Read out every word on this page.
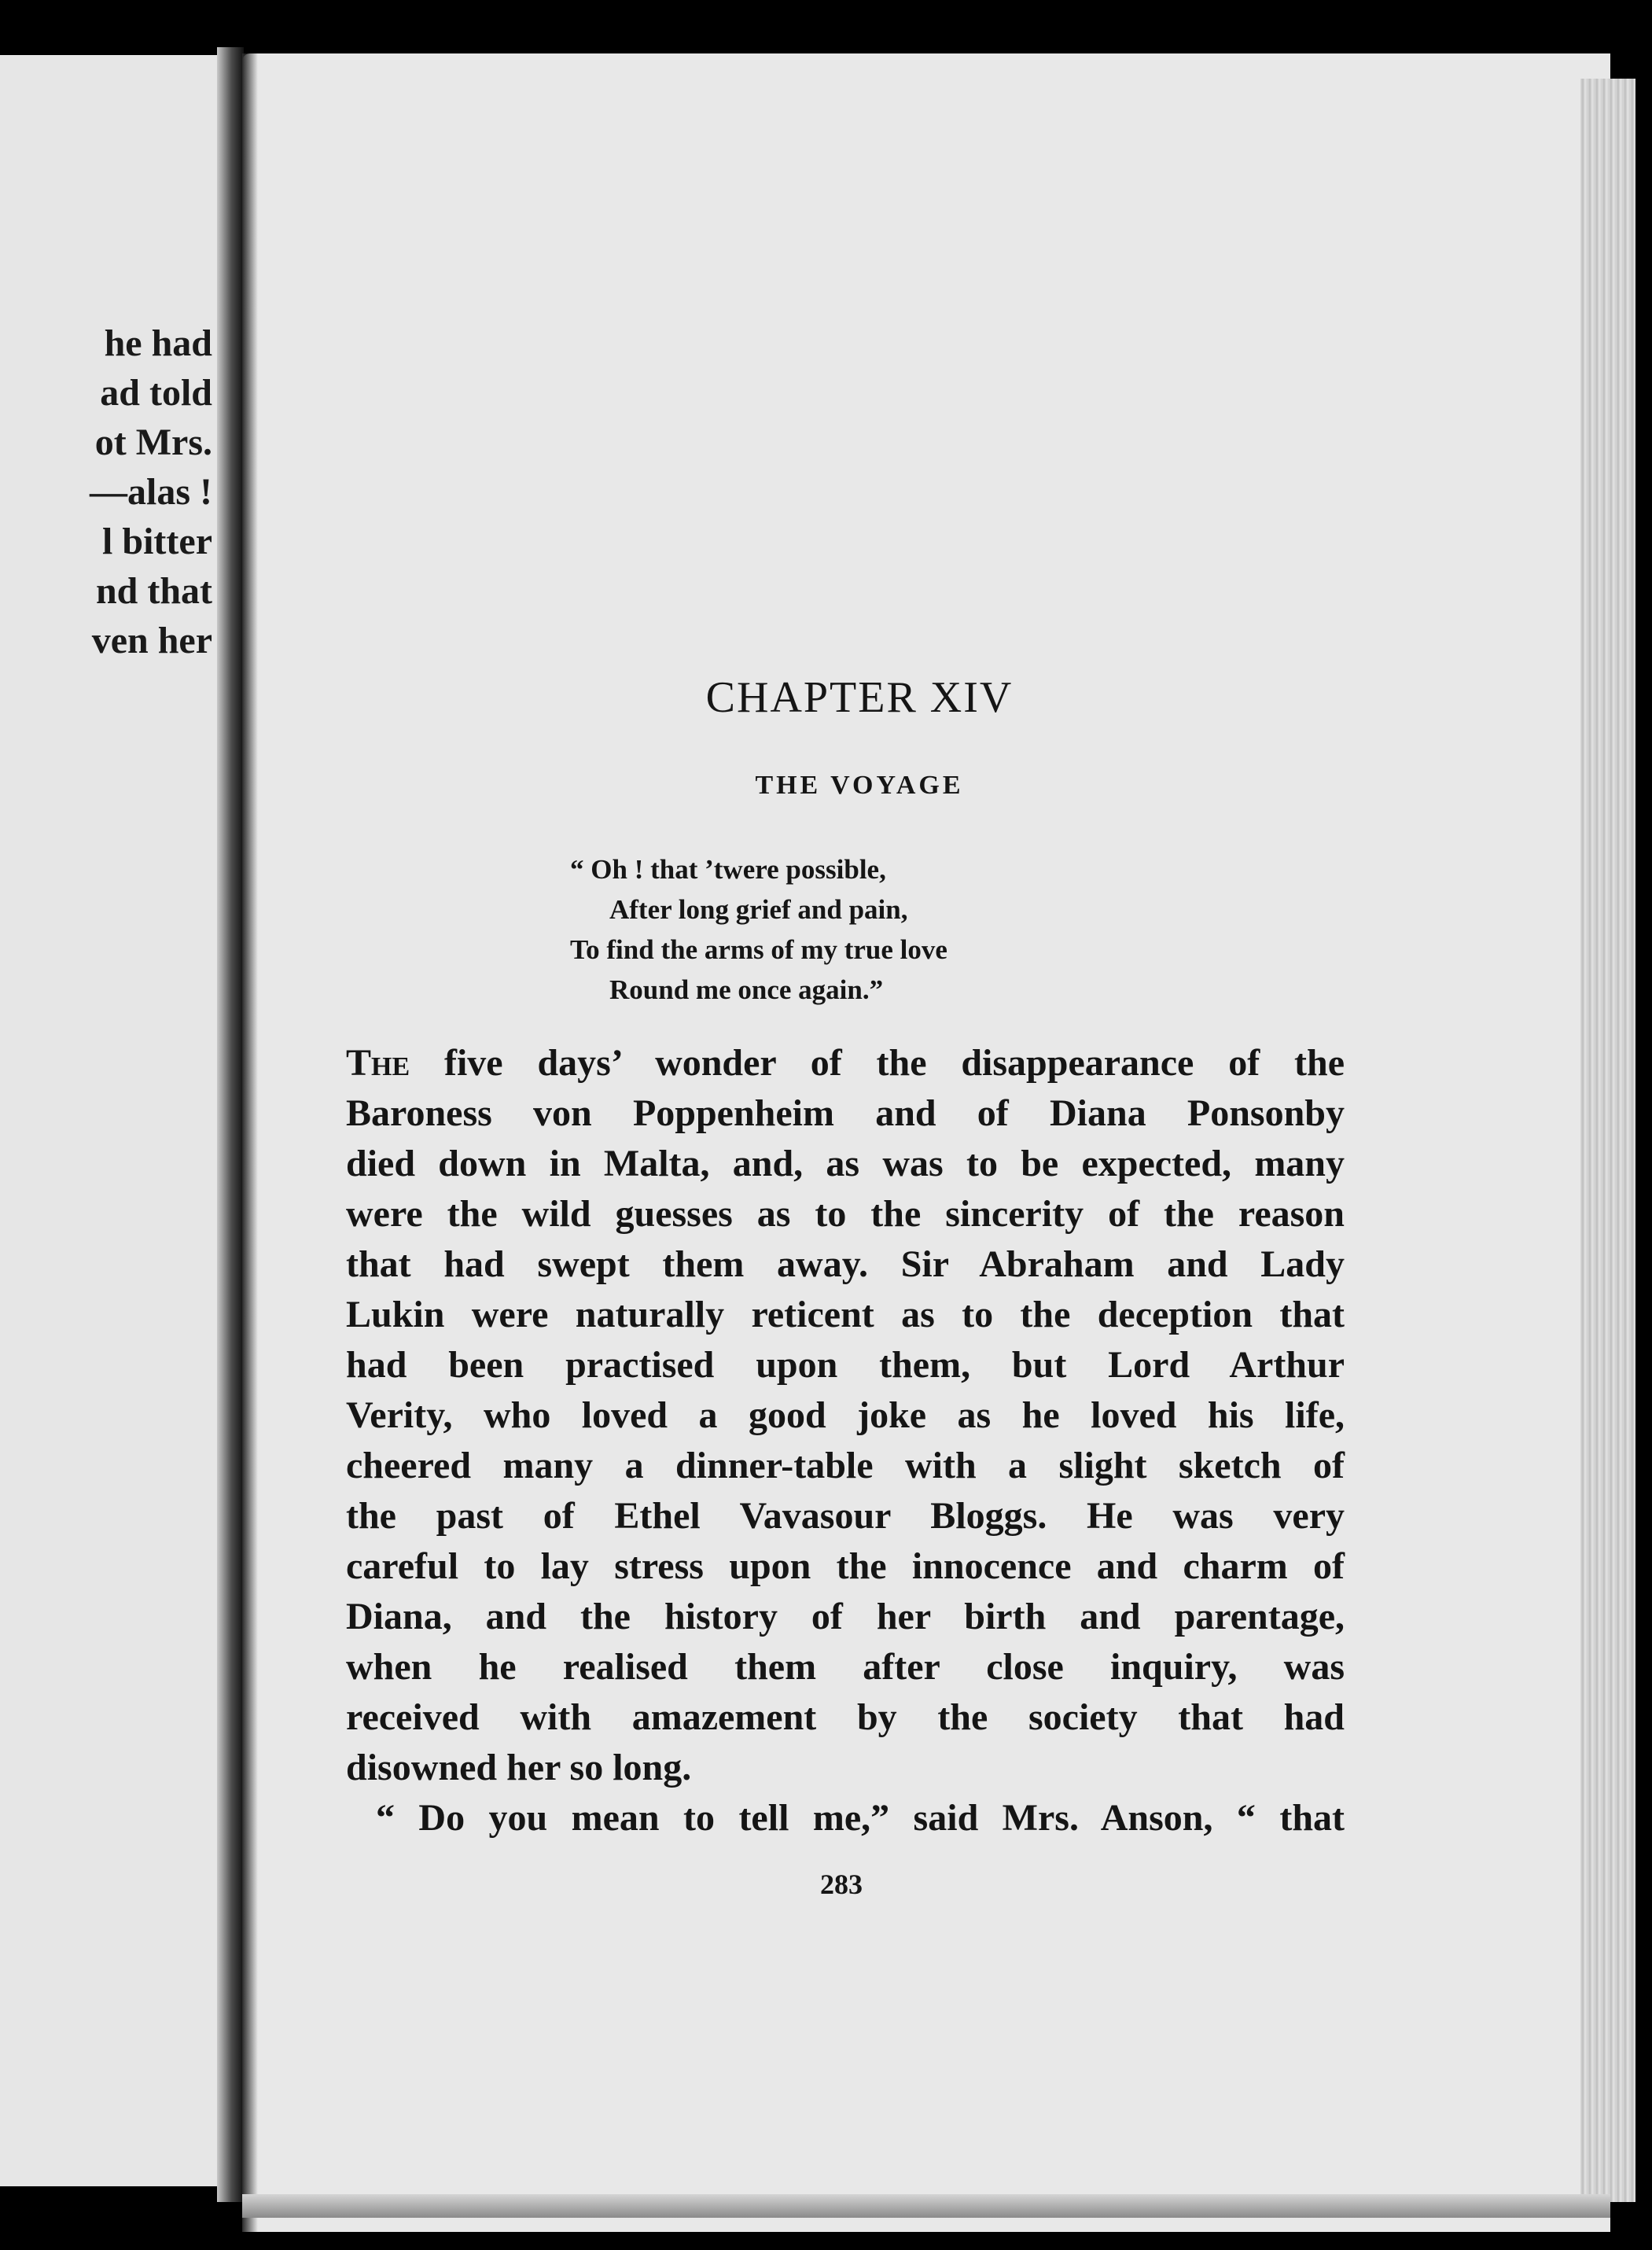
he had
ad told
ot Mrs.
—alas !
l bitter
nd that
ven her
CHAPTER XIV
THE VOYAGE
“ Oh ! that ’twere possible,
After long grief and pain,
To find the arms of my true love
Round me once again.”
The five days’ wonder of the disappearance of the
Baroness von Poppenheim and of Diana Ponsonby
died down in Malta, and, as was to be expected, many
were the wild guesses as to the sincerity of the reason
that had swept them away. Sir Abraham and Lady
Lukin were naturally reticent as to the deception that
had been practised upon them, but Lord Arthur
Verity, who loved a good joke as he loved his life,
cheered many a dinner-table with a slight sketch of
the past of Ethel Vavasour Bloggs. He was very
careful to lay stress upon the innocence and charm of
Diana, and the history of her birth and parentage,
when he realised them after close inquiry, was
received with amazement by the society that had
disowned her so long.
“ Do you mean to tell me,” said Mrs. Anson, “ that
283
